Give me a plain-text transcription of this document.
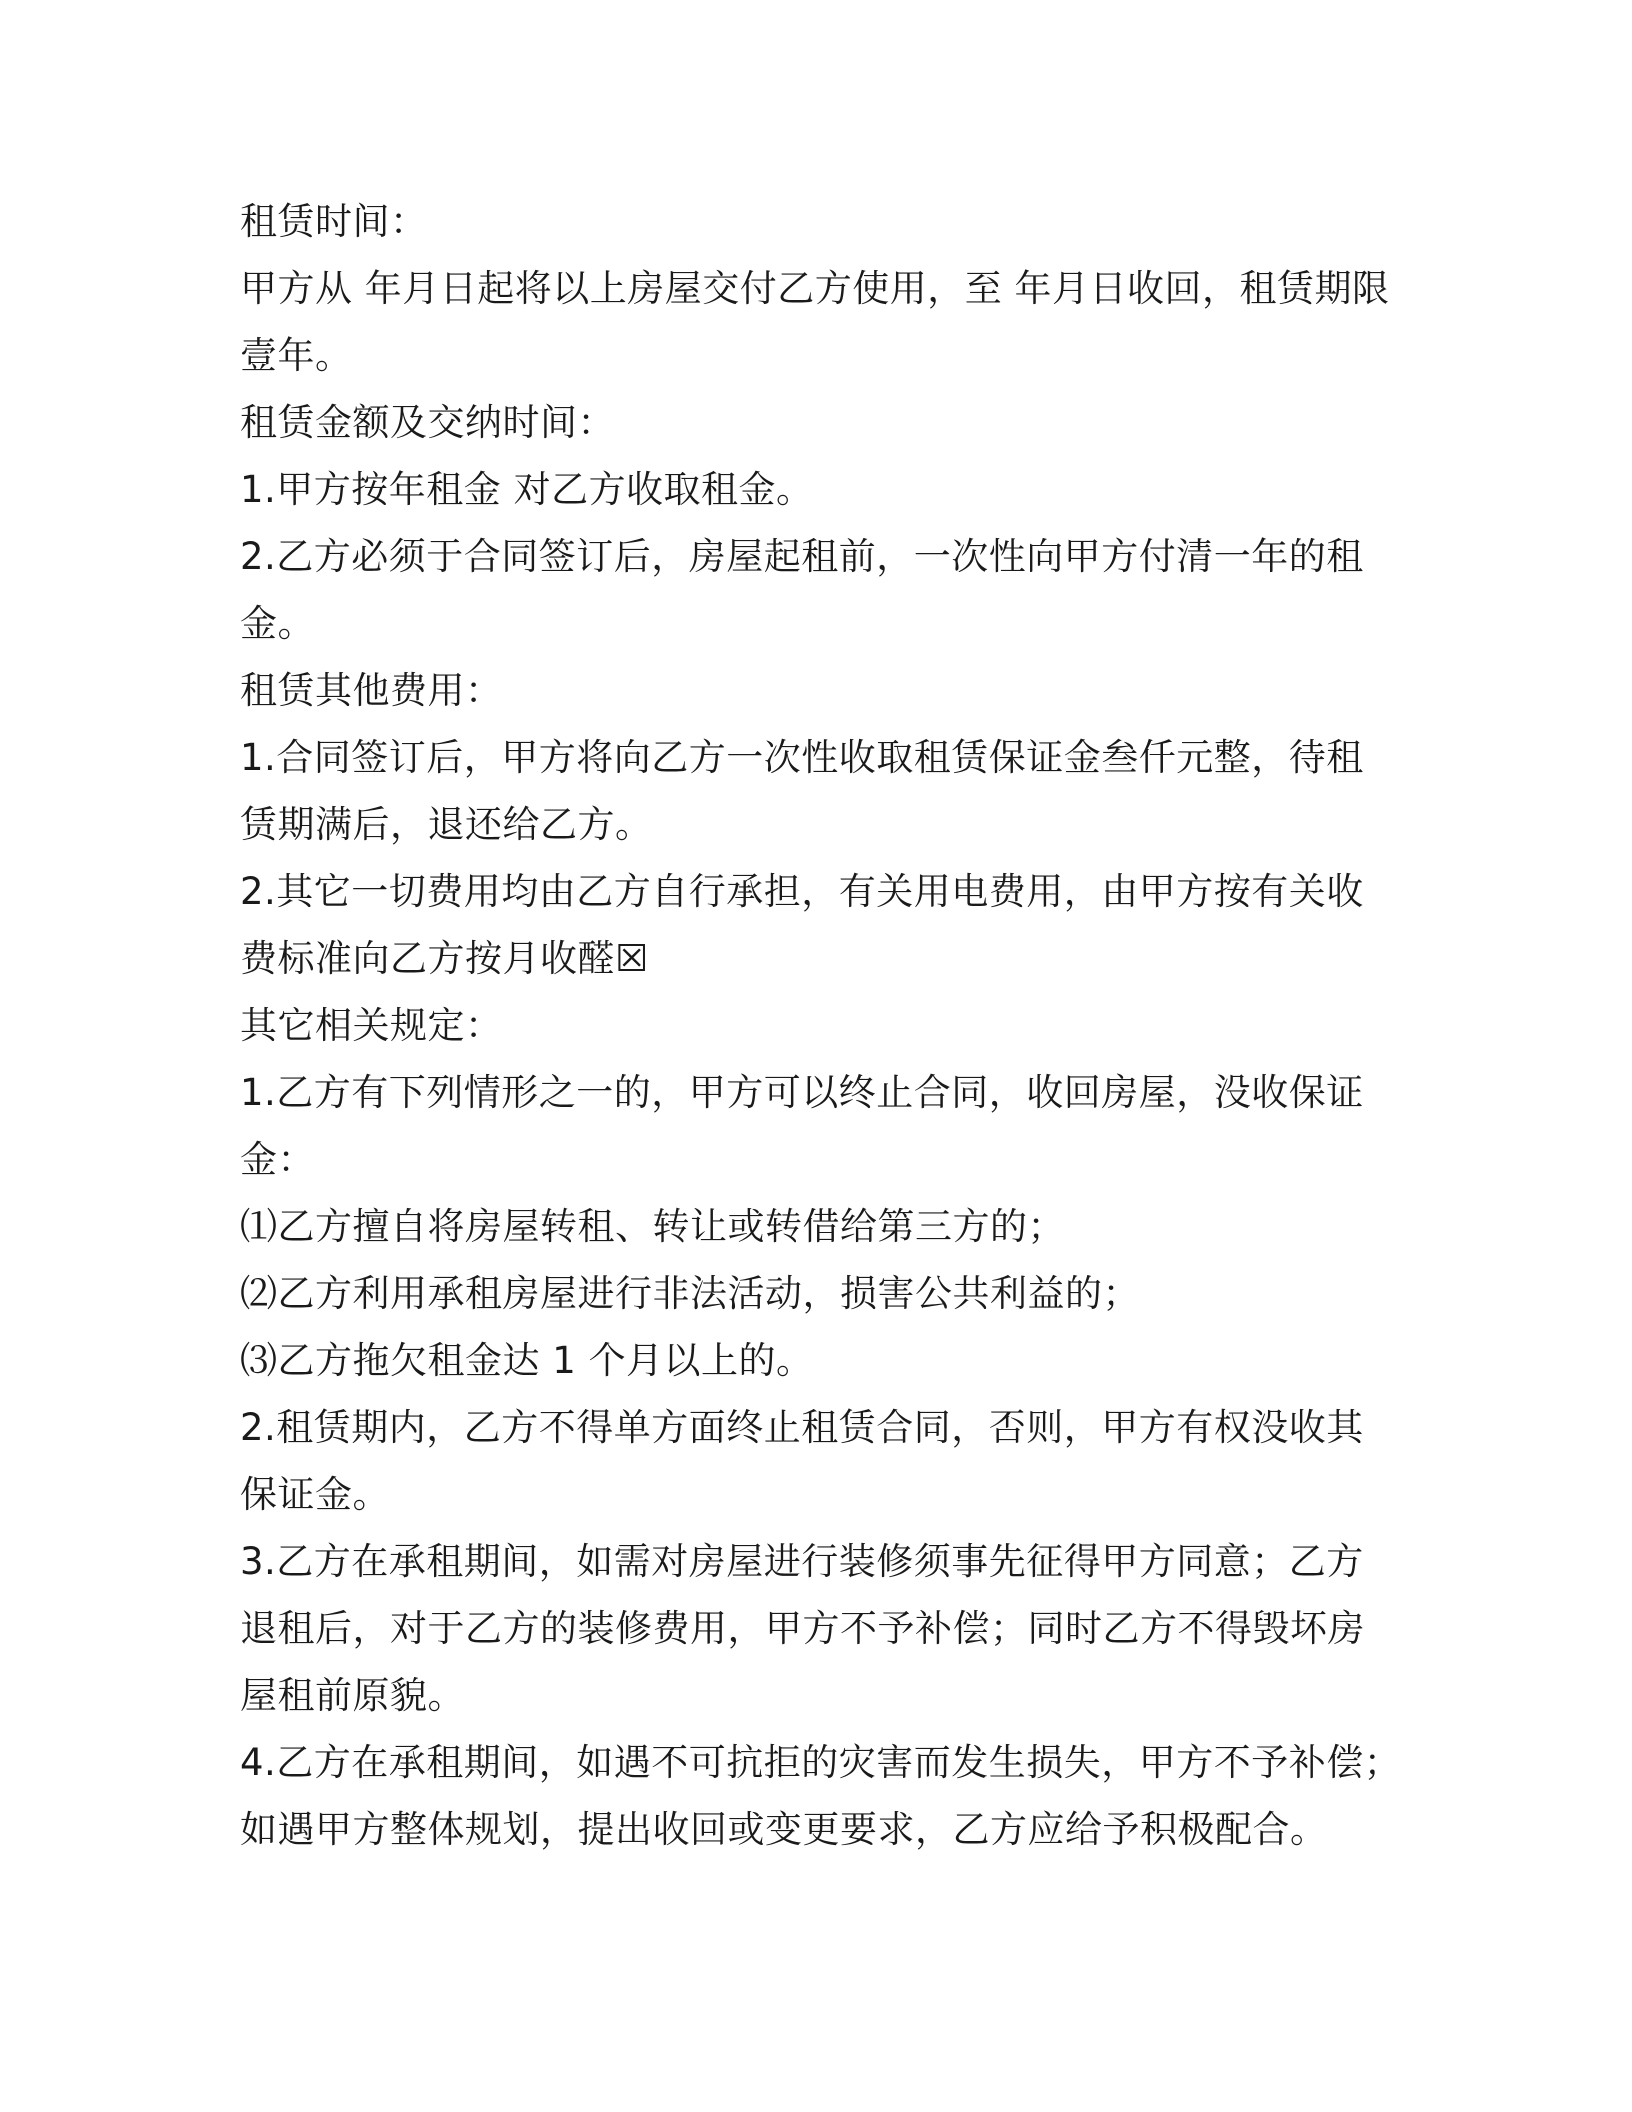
租赁时间：

甲方从 年月日起将以上房屋交付乙方使用，至 年月日收回，租赁期限

壹年。

租赁金额及交纳时间：

1.甲方按年租金 对乙方收取租金。

2.乙方必须于合同签订后，房屋起租前，一次性向甲方付清一年的租

金。

租赁其他费用：

1.合同签订后，甲方将向乙方一次性收取租赁保证金叁仟元整，待租

赁期满后，退还给乙方。

2.其它一切费用均由乙方自行承担，有关用电费用，由甲方按有关收

费标准向乙方按月收醛☒

其它相关规定：

1.乙方有下列情形之一的，甲方可以终止合同，收回房屋，没收保证

金：

⑴乙方擅自将房屋转租、转让或转借给第三方的；

⑵乙方利用承租房屋进行非法活动，损害公共利益的；

⑶乙方拖欠租金达 1 个月以上的。

2.租赁期内，乙方不得单方面终止租赁合同，否则，甲方有权没收其

保证金。

3.乙方在承租期间，如需对房屋进行装修须事先征得甲方同意；乙方

退租后，对于乙方的装修费用，甲方不予补偿；同时乙方不得毁坏房

屋租前原貌。

4.乙方在承租期间，如遇不可抗拒的灾害而发生损失，甲方不予补偿；

如遇甲方整体规划，提出收回或变更要求，乙方应给予积极配合。
